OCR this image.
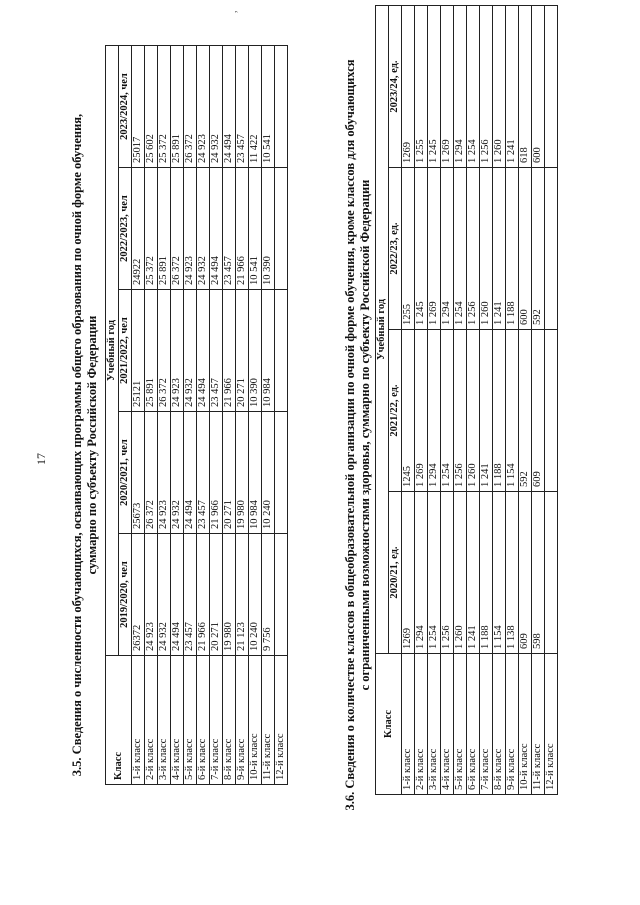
17 3.5. Сведения о численности обучающихся, осваивающих программы общего образования по очной форме обучения, суммарно по субъекту Российской Федерации
Класс	Учебный год				
	2019/2020, чел	2020/2021, чел	2021/2022, чел	2022/2023, чел	2023/2024, чел
1-й класс	26372	25673	25121	24922	25017
2-й класс	24 923	26 372	25 891	25 372	25 602
3-й класс	24 932	24 923	26 372	25 891	25 372
4-й класс	24 494	24 932	24 923	26 372	25 891
5-й класс	23 457	24 494	24 932	24 923	26 372
6-й класс	21 966	23 457	24 494	24 932	24 923
7-й класс	20 271	21 966	23 457	24 494	24 932
8-й класс	19 980	20 271	21 966	23 457	24 494
9-й класс	21 123	19 980	20 271	21 966	23 457
10-й класс	10 240	10 984	10 390	10 541	11 422
11-й класс	9 756	10 240	10 984	10 390	10 541
12-й класс						3.6. Сведения о количестве классов в общеобразовательной организации по очной форме обучения, кроме классов для обучающихся с ограниченными возможностями здоровья, суммарно по субъекту Российской Федерации
Класс	Учебный год			
	2020/21, ед.	2021/22, ед.	2022/23, ед.	2023/24, ед.
1-й класс	1269	1245	1255	1269
2-й класс	1 294	1 269	1 245	1 255
3-й класс	1 254	1 294	1 269	1 245
4-й класс	1 256	1 254	1 294	1 269
5-й класс	1 260	1 256	1 254	1 294
6-й класс	1 241	1 260	1 256	1 254
7-й класс	1 188	1 241	1 260	1 256
8-й класс	1 154	1 188	1 241	1 260
9-й класс	1 138	1 154	1 188	1 241
10-й класс	609	592	600	618
11-й класс	598	609	592	600
12-й класс				
,
